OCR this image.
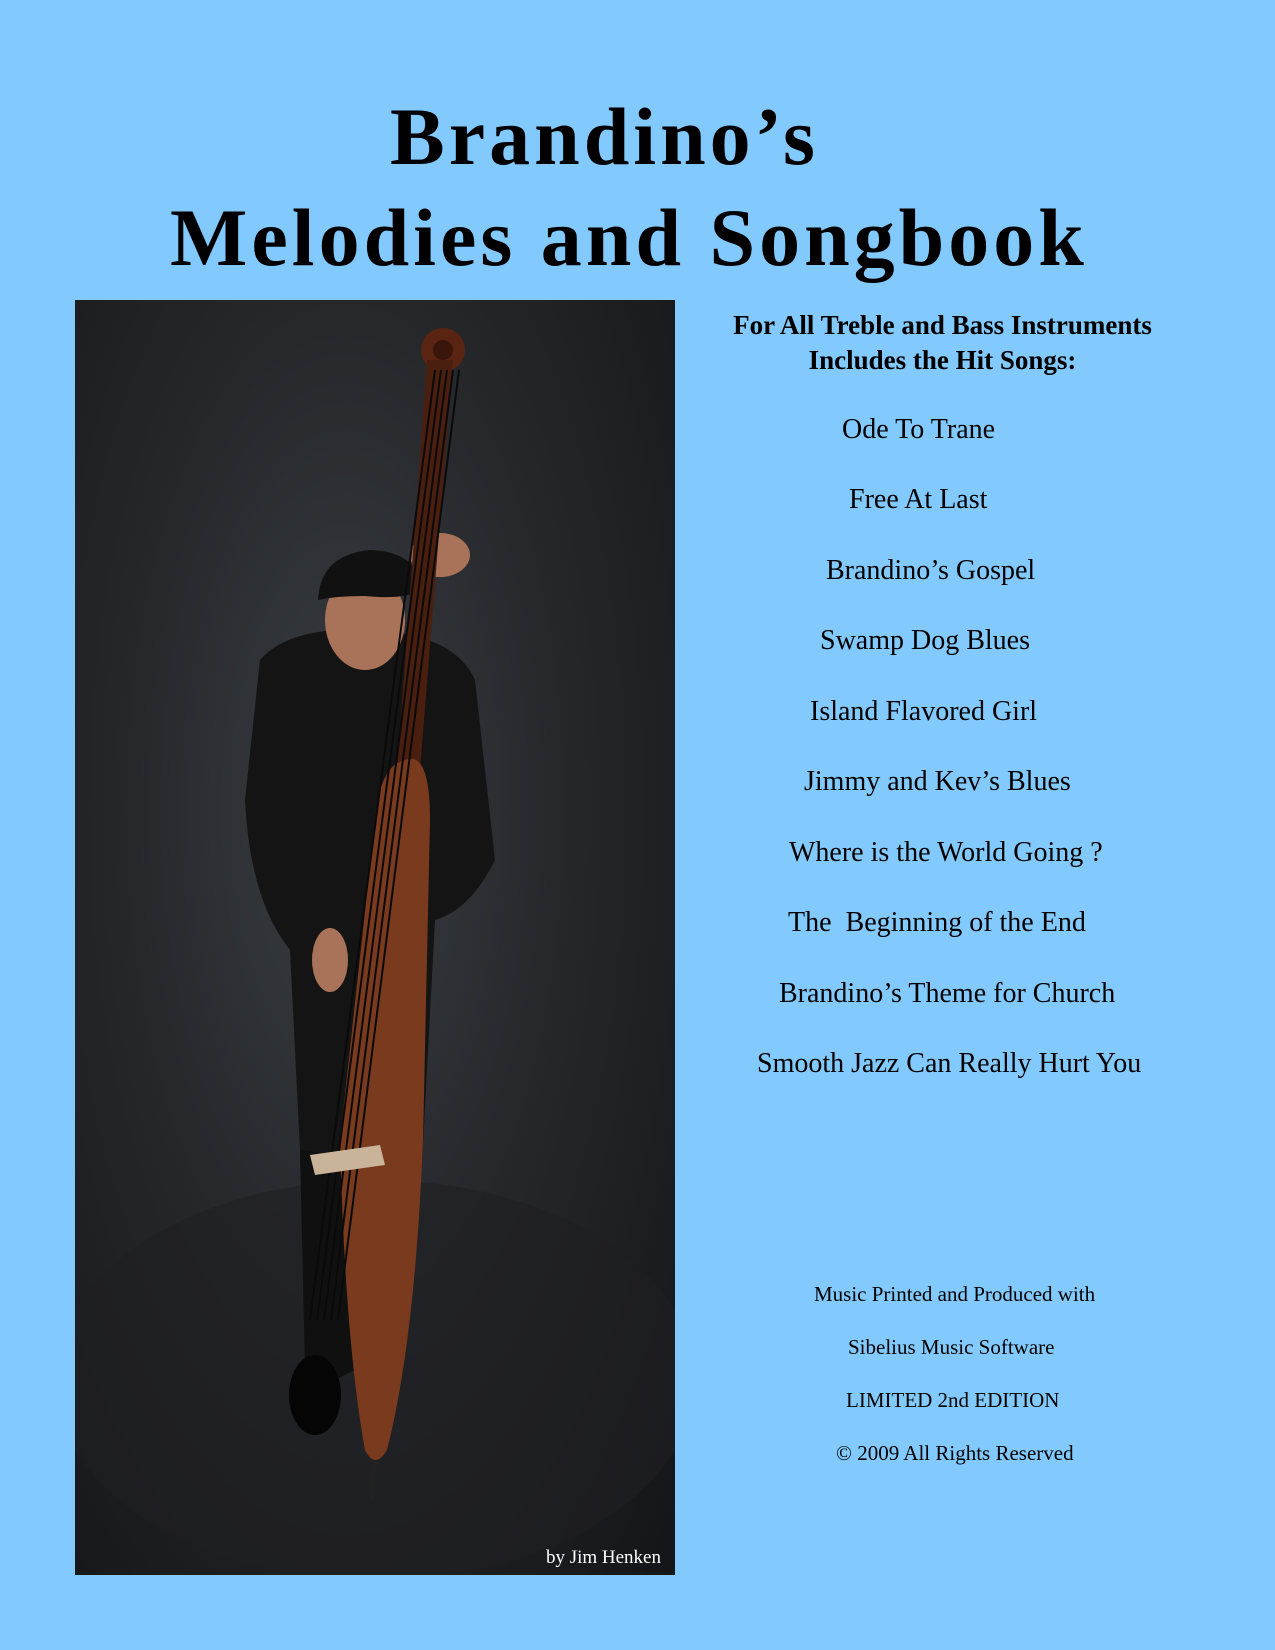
Brandino’s
Melodies and Songbook
by Jim Henken
For All Treble and Bass Instruments
Includes the Hit Songs:
Ode To Trane
Free At Last
Brandino’s Gospel
Swamp Dog Blues
Island Flavored Girl
Jimmy and Kev’s Blues
Where is the World Going ?
The  Beginning of the End
Brandino’s Theme for Church
Smooth Jazz Can Really Hurt You
Music Printed and Produced with
Sibelius Music Software
LIMITED 2nd EDITION
© 2009 All Rights Reserved
